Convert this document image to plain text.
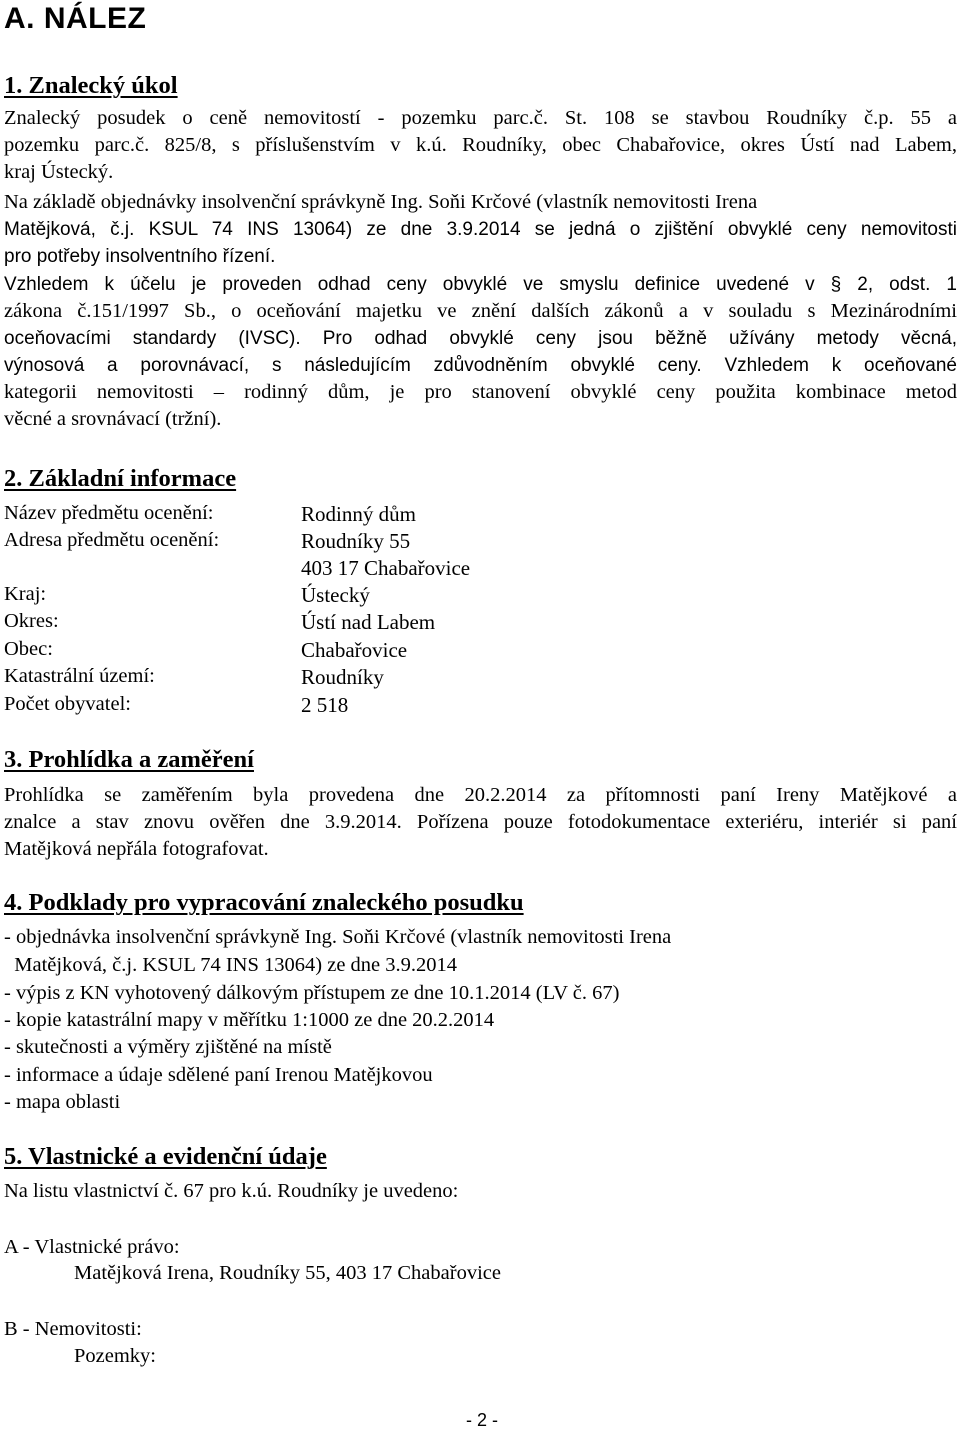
A. NÁLEZ
1. Znalecký úkol
Znalecký posudek o ceně nemovitostí - pozemku parc.č. St. 108 se stavbou Roudníky č.p. 55 a
pozemku parc.č. 825/8, s příslušenstvím v k.ú. Roudníky, obec Chabařovice, okres Ústí nad Labem,
kraj Ústecký.
Na základě objednávky insolvenční správkyně Ing. Soňi Krčové (vlastník nemovitosti Irena
Matějková, č.j. KSUL 74 INS 13064) ze dne 3.9.2014 se jedná o zjištění obvyklé ceny nemovitosti
pro potřeby insolventního řízení.
Vzhledem k účelu je proveden odhad ceny obvyklé ve smyslu definice uvedené v § 2, odst. 1
zákona č.151/1997 Sb., o oceňování majetku ve znění dalších zákonů a v souladu s Mezinárodními
oceňovacími standardy (IVSC). Pro odhad obvyklé ceny jsou běžně užívány metody věcná,
výnosová a porovnávací, s následujícím zdůvodněním obvyklé ceny. Vzhledem k oceňované
kategorii nemovitosti – rodinný dům, je pro stanovení obvyklé ceny použita kombinace metod
věcné a srovnávací (tržní).
2. Základní informace
Název předmětu ocenění:	Rodinný dům
Adresa předmětu ocenění:	Roudníky 55
403 17 Chabařovice
Kraj:	Ústecký
Okres:	Ústí nad Labem
Obec:	Chabařovice
Katastrální území:	Roudníky
Počet obyvatel:	2 518
3. Prohlídka a zaměření
Prohlídka se zaměřením byla provedena dne 20.2.2014 za přítomnosti paní Ireny Matějkové a
znalce a stav znovu ověřen dne 3.9.2014. Pořízena pouze fotodokumentace exteriéru, interiér si paní
Matějková nepřála fotografovat.
4. Podklady pro vypracování znaleckého posudku
- objednávka insolvenční správkyně Ing. Soňi Krčové (vlastník nemovitosti Irena
Matějková, č.j. KSUL 74 INS 13064) ze dne 3.9.2014
- výpis z KN vyhotovený dálkovým přístupem ze dne 10.1.2014 (LV č. 67)
- kopie katastrální mapy v měřítku 1:1000 ze dne 20.2.2014
- skutečnosti a výměry zjištěné na místě
- informace a údaje sdělené paní Irenou Matějkovou
- mapa oblasti
5. Vlastnické a evidenční údaje
Na listu vlastnictví č. 67 pro k.ú. Roudníky je uvedeno:
A - Vlastnické právo:
Matějková Irena, Roudníky 55, 403 17 Chabařovice
B - Nemovitosti:
Pozemky:
- 2 -
